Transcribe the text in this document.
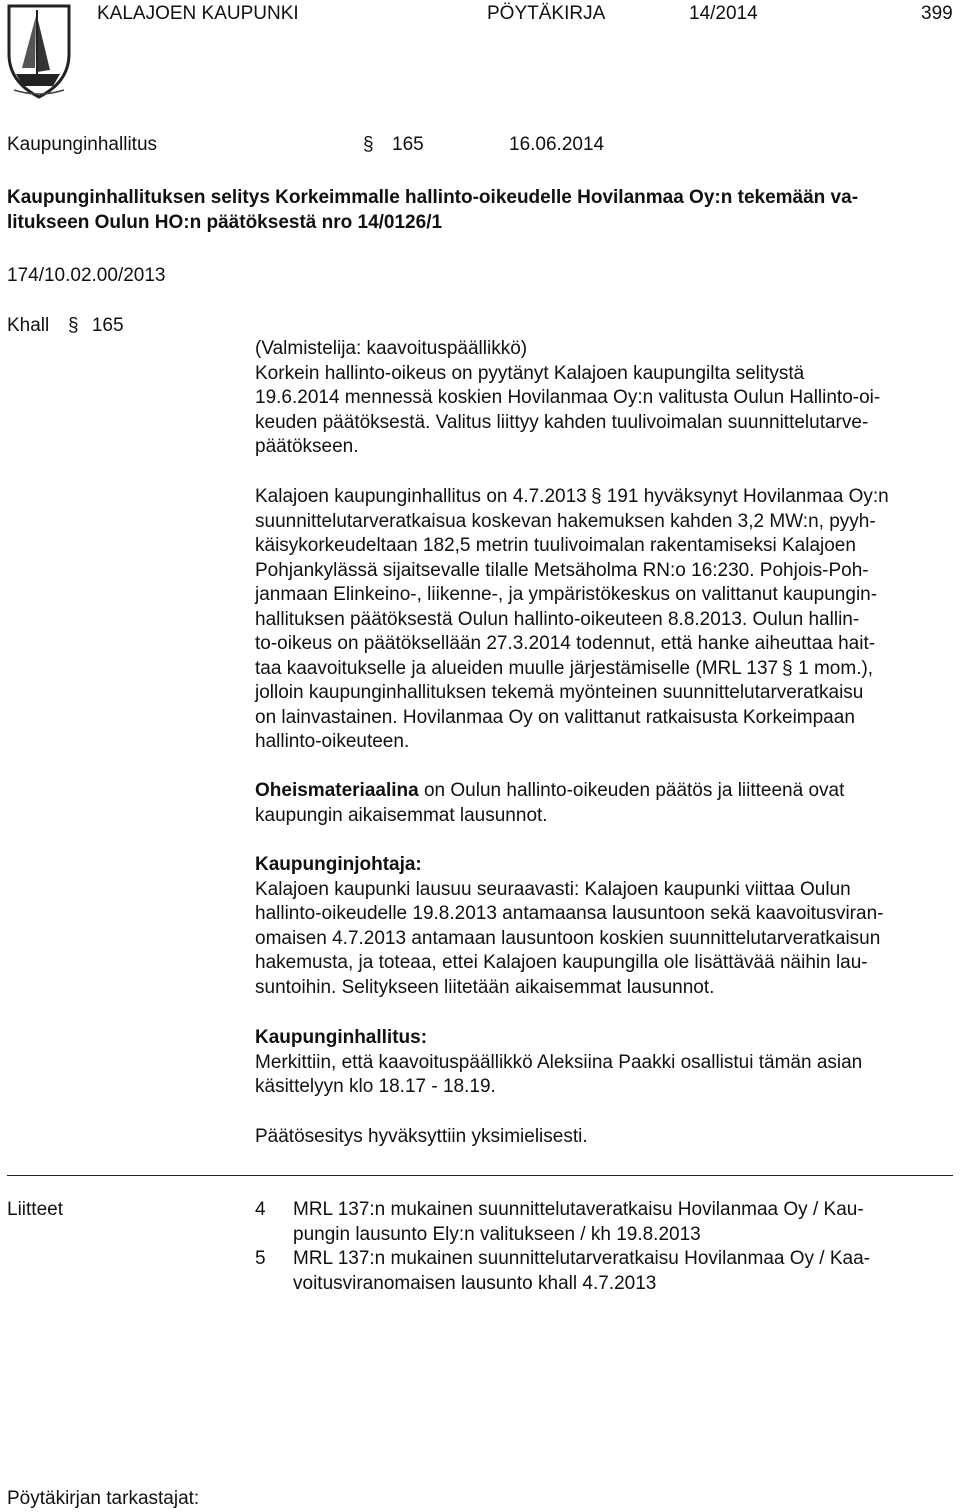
KALAJOEN KAUPUNKI	PÖYTÄKIRJA	14/2014	399
Kaupunginhallitus	§ 165	16.06.2014
Kaupunginhallituksen selitys Korkeimmalle hallinto-oikeudelle Hovilanmaa Oy:n tekemään va-
litukseen Oulun HO:n päätöksestä nro 14/0126/1
174/10.02.00/2013
Khall § 165
(Valmistelija: kaavoituspäällikkö)
Korkein hallinto-oikeus on pyytänyt Kalajoen kaupungilta selitystä
19.6.2014 mennessä koskien Hovilanmaa Oy:n valitusta Oulun Hallinto-oi-
keuden päätöksestä. Valitus liittyy kahden tuulivoimalan suunnittelutarve-
päätökseen.
Kalajoen kaupunginhallitus on 4.7.2013 § 191 hyväksynyt Hovilanmaa Oy:n
suunnittelutarveratkaisua koskevan hakemuksen kahden 3,2 MW:n, pyyh-
käisykorkeudeltaan 182,5 metrin tuulivoimalan rakentamiseksi Kalajoen
Pohjankylässä sijaitsevalle tilalle Metsäholma RN:o 16:230. Pohjois-Poh-
janmaan Elinkeino-, liikenne-, ja ympäristökeskus on valittanut kaupungin-
hallituksen päätöksestä Oulun hallinto-oikeuteen 8.8.2013. Oulun hallin-
to-oikeus on päätöksellään 27.3.2014 todennut, että hanke aiheuttaa hait-
taa kaavoitukselle ja alueiden muulle järjestämiselle (MRL 137 § 1 mom.),
jolloin kaupunginhallituksen tekemä myönteinen suunnittelutarveratkaisu
on lainvastainen. Hovilanmaa Oy on valittanut ratkaisusta Korkeimpaan
hallinto-oikeuteen.
Oheismateriaalina on Oulun hallinto-oikeuden päätös ja liitteenä ovat
kaupungin aikaisemmat lausunnot.
Kaupunginjohtaja:
Kalajoen kaupunki lausuu seuraavasti: Kalajoen kaupunki viittaa Oulun
hallinto-oikeudelle 19.8.2013 antamaansa lausuntoon sekä kaavoitusviran-
omaisen 4.7.2013 antamaan lausuntoon koskien suunnittelutarveratkaisun
hakemusta, ja toteaa, ettei Kalajoen kaupungilla ole lisättävää näihin lau-
suntoihin. Selitykseen liitetään aikaisemmat lausunnot.
Kaupunginhallitus:
Merkittiin, että kaavoituspäällikkö Aleksiina Paakki osallistui tämän asian
käsittelyyn klo 18.17 - 18.19.
Päätösesitys hyväksyttiin yksimielisesti.
Liitteet	4 MRL 137:n mukainen suunnittelutaveratkaisu Hovilanmaa Oy / Kau-
pungin lausunto Ely:n valitukseen / kh 19.8.2013
5 MRL 137:n mukainen suunnittelutarveratkaisu Hovilanmaa Oy / Kaa-
voitusviranomaisen lausunto khall 4.7.2013
Pöytäkirjan tarkastajat:
